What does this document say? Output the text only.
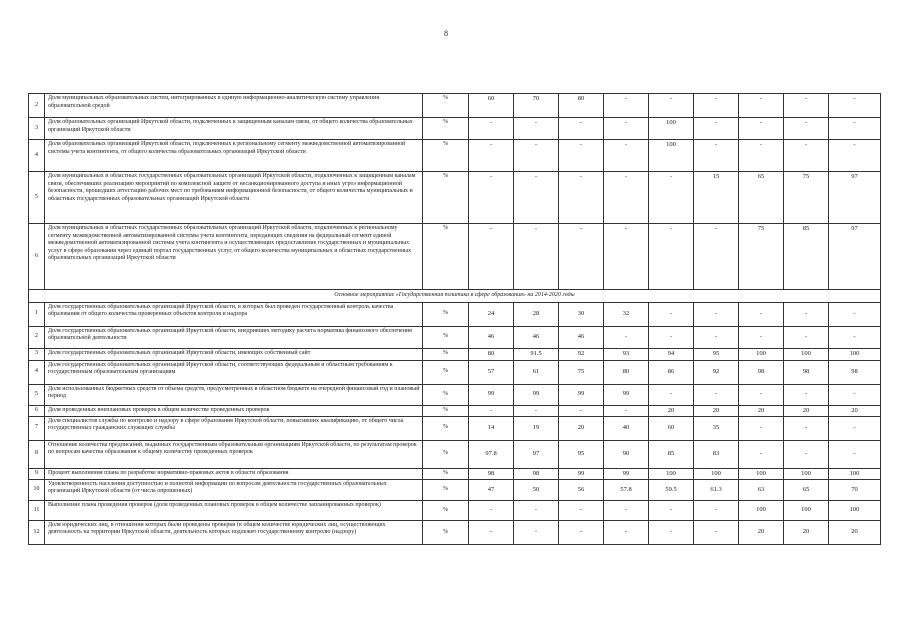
8
2	Доля муниципальных образовательных систем, интегрированных в единую информационно-аналитическую систему управления образовательной средой	%	60	70	80	-	-	-	-	-	-
3	Доля образовательных организаций Иркутской области, подключенных к защищенным каналам связи, от общего количества образовательных организаций Иркутской области	%	-	-	-	-	100	-	-	-	-
4	Доля образовательных организаций Иркутской области, подключенных к региональному сегменту межведомственной автоматизированной системы учета контингента, от общего количества образовательных организаций Иркутской области	%	-	-	-	-	100	-	-	-	-
5	Доля муниципальных и областных государственных образовательных организаций Иркутской области, подключенных к защищенным каналам связи, обеспечивших реализацию мероприятий по комплексной защите от несанкционированного доступа и иных угроз информационной безопасности, прошедших аттестацию рабочих мест по требованиям информационной безопасности, от общего количества муниципальных и областных государственных образовательных организаций Иркутской области	%	-	-	-	-	-	15	65	75	97
6	Доля муниципальных и областных государственных образовательных организаций Иркутской области, подключенных к региональному сегменту межведомственной автоматизированной системы учета контингента, передающих сведения на федеральный сегмент единой межведомственной автоматизированной системы учета контингента и осуществляющих предоставление государственных и муниципальных услуг в сфере образования через единый портал государственных услуг, от общего количества муниципальных и областных государственных образовательных организаций Иркутской области	%	-	-	-	-	-	-	75	85	97
Основное мероприятие «Государственная политика в сфере образования» на 2014-2020 годы											
1	Доля государственных образовательных организаций Иркутской области, в которых был проведен государственный контроль качества образования от общего количества проверенных объектов контроля и надзора	%	24	28	30	32	-	-	-	-	-
2	Доля государственных образовательных организаций Иркутской области, внедривших методику расчета норматива финансового обеспечения образовательной деятельности	%	46	46	46	-	-	-	-	-	-
3	Доля государственных образовательных организаций Иркутской области, имеющих собственный сайт	%	80	91.5	92	93	94	95	100	100	100
4	Доля государственных образовательных организаций Иркутской области, соответствующих федеральным и областным требованиям к государственным образовательным организациям	%	57	61	75	80	86	92	98	98	98
5	Доля использованных бюджетных средств от объема средств, предусмотренных в областном бюджете на очередной финансовый год и плановый период	%	99	99	99	99	-	-	-	-	-
6	Доля проведенных внеплановых проверок в общем количестве проведенных проверок	%	-	-	-	-	20	20	20	20	20
7	Доля специалистов службы по контролю и надзору в сфере образования Иркутской области, повысивших квалификацию, от общего числа государственных гражданских служащих службы	%	14	19	20	40	60	35	-	-	-
8	Отношение количества предписаний, выданных государственным образовательным организациям Иркутской области, по результатам проверок по вопросам качества образования к общему количеству проведенных проверок	%	97.8	97	95	90	85	83	-	-	-
9	Процент выполнения плана по разработке нормативно-правовых актов в области образования	%	98	98	99	99	100	100	100	100	100
10	Удовлетворенность населения доступностью и полнотой информации по вопросам деятельности государственных образовательных организаций Иркутской области (от числа опрошенных)	%	47	50	56	57.8	59.5	61.3	63	65	70
11	Выполнение плана проведения проверок (доля проведенных плановых проверок в общем количестве запланированных проверок)	%	-	-	-	-	-	-	100	100	100
12	Доля юридических лиц, в отношении которых были проведены проверки (в общем количестве юридических лиц, осуществляющих деятельность на территории Иркутской области, деятельность которых подлежит государственному контролю (надзору)	%	-	-	-	-	-	-	20	20	20
